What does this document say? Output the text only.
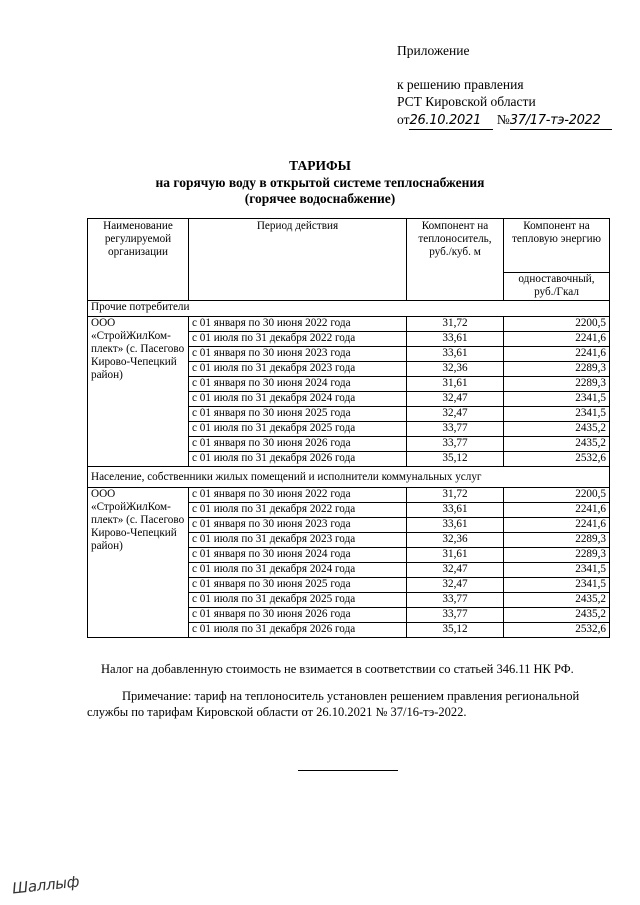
Приложение
к решению правления
РСТ Кировской области
от26.10.2021 №37/17-тэ-2022
ТАРИФЫ
на горячую воду в открытой системе теплоснабжения
(горячее водоснабжение)
Наименование регулируемой организации	Период действия	Компонент на теплоноситель, руб./куб. м	Компонент на тепловую энергию
			одноставочный, руб./Гкал
Прочие потребители			
ООО «СтройЖилКом-плект» (с. Пасегово Кирово-Чепецкий район)	с 01 января по 30 июня 2022 года	31,72	2200,5
	с 01 июля по 31 декабря 2022 года	33,61	2241,6
	с 01 января по 30 июня 2023 года	33,61	2241,6
	с 01 июля по 31 декабря 2023 года	32,36	2289,3
	с 01 января по 30 июня 2024 года	31,61	2289,3
	с 01 июля по 31 декабря 2024 года	32,47	2341,5
	с 01 января по 30 июня 2025 года	32,47	2341,5
	с 01 июля по 31 декабря 2025 года	33,77	2435,2
	с 01 января по 30 июня 2026 года	33,77	2435,2
	с 01 июля по 31 декабря 2026 года	35,12	2532,6
Население, собственники жилых помещений и исполнители коммунальных услуг			
ООО «СтройЖилКом-плект» (с. Пасегово Кирово-Чепецкий район)	с 01 января по 30 июня 2022 года	31,72	2200,5
	с 01 июля по 31 декабря 2022 года	33,61	2241,6
	с 01 января по 30 июня 2023 года	33,61	2241,6
	с 01 июля по 31 декабря 2023 года	32,36	2289,3
	с 01 января по 30 июня 2024 года	31,61	2289,3
	с 01 июля по 31 декабря 2024 года	32,47	2341,5
	с 01 января по 30 июня 2025 года	32,47	2341,5
	с 01 июля по 31 декабря 2025 года	33,77	2435,2
	с 01 января по 30 июня 2026 года	33,77	2435,2
	с 01 июля по 31 декабря 2026 года	35,12	2532,6
Налог на добавленную стоимость не взимается в соответствии со статьей 346.11 НК РФ.
Примечание: тариф на теплоноситель установлен решением правления региональной службы по тарифам Кировской области от 26.10.2021 № 37/16-тэ-2022.
Шаллыф
